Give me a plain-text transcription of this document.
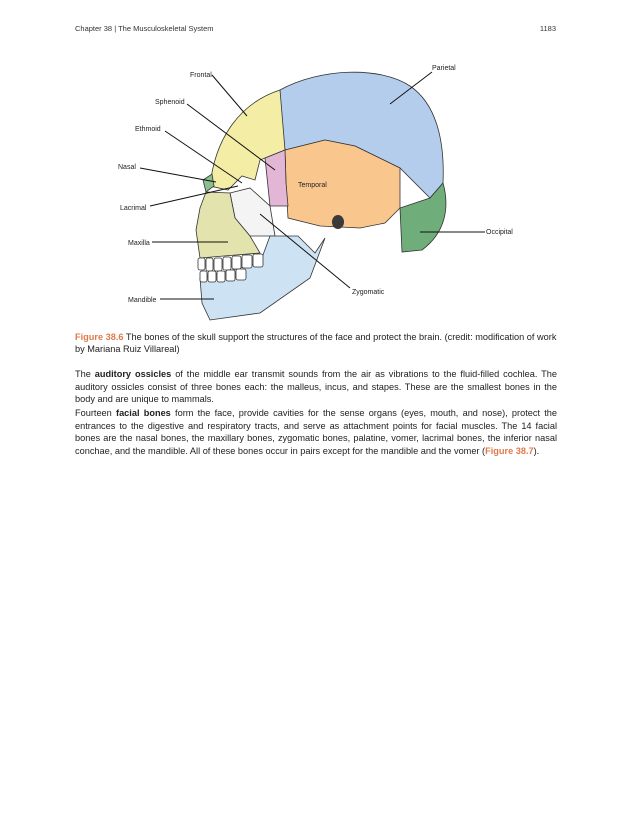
Chapter 38 | The Musculoskeletal System	1183
Frontal
Parietal
Sphenoid
Ethmoid
Nasal
Lacrimal
Temporal
Occipital
Maxilla
Zygomatic
Mandible
Figure 38.6 The bones of the skull support the structures of the face and protect the brain. (credit: modification of work by Mariana Ruiz Villareal)

The auditory ossicles of the middle ear transmit sounds from the air as vibrations to the fluid-filled cochlea. The auditory ossicles consist of three bones each: the malleus, incus, and stapes. These are the smallest bones in the body and are unique to mammals.

Fourteen facial bones form the face, provide cavities for the sense organs (eyes, mouth, and nose), protect the entrances to the digestive and respiratory tracts, and serve as attachment points for facial muscles. The 14 facial bones are the nasal bones, the maxillary bones, zygomatic bones, palatine, vomer, lacrimal bones, the inferior nasal conchae, and the mandible. All of these bones occur in pairs except for the mandible and the vomer (Figure 38.7).
